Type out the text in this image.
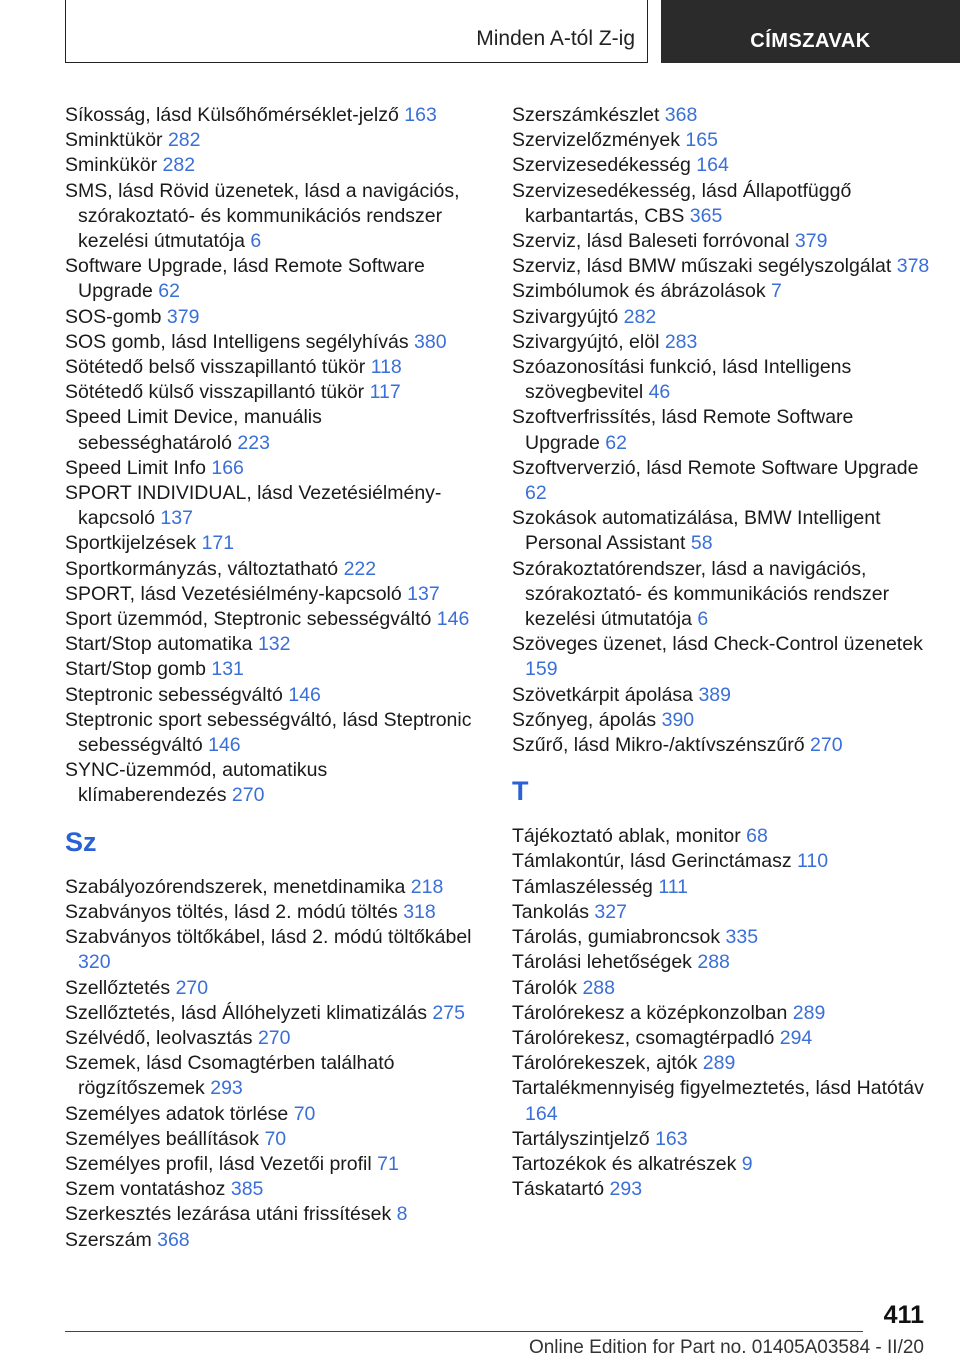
Minden A-tól Z-ig	CÍMSZAVAK
Síkosság, lásd Külsőhőmérséklet-jelző 163
Sminktükör 282
Sminkükör 282
SMS, lásd Rövid üzenetek, lásd a navigációs, szórakoztató- és kommunikációs rendszer kezelési útmutatója 6
Software Upgrade, lásd Remote Software Upgrade 62
SOS-gomb 379
SOS gomb, lásd Intelligens segélyhívás 380
Sötétedő belső visszapillantó tükör 118
Sötétedő külső visszapillantó tükör 117
Speed Limit Device, manuális sebességhatároló 223
Speed Limit Info 166
SPORT INDIVIDUAL, lásd Vezetésiélmény-kapcsoló 137
Sportkijelzések 171
Sportkormányzás, változtatható 222
SPORT, lásd Vezetésiélmény-kapcsoló 137
Sport üzemmód, Steptronic sebességváltó 146
Start/Stop automatika 132
Start/Stop gomb 131
Steptronic sebességváltó 146
Steptronic sport sebességváltó, lásd Steptronic sebességváltó 146
SYNC-üzemmód, automatikus klímaberendezés 270
Sz
Szabályozórendszerek, menetdinamika 218
Szabványos töltés, lásd 2. módú töltés 318
Szabványos töltőkábel, lásd 2. módú töltőkábel 320
Szellőztetés 270
Szellőztetés, lásd Állóhelyzeti klimatizálás 275
Szélvédő, leolvasztás 270
Szemek, lásd Csomagtérben található rögzítőszemek 293
Személyes adatok törlése 70
Személyes beállítások 70
Személyes profil, lásd Vezetői profil 71
Szem vontatáshoz 385
Szerkesztés lezárása utáni frissítések 8
Szerszám 368
Szerszámkészlet 368
Szervizelőzmények 165
Szervizesedékesség 164
Szervizesedékesség, lásd Állapotfüggő karbantartás, CBS 365
Szerviz, lásd Baleseti forróvonal 379
Szerviz, lásd BMW műszaki segélyszolgálat 378
Szimbólumok és ábrázolások 7
Szivargyújtó 282
Szivargyújtó, elöl 283
Szóazonosítási funkció, lásd Intelligens szövegbevitel 46
Szoftverfrissítés, lásd Remote Software Upgrade 62
Szoftververzió, lásd Remote Software Upgrade 62
Szokások automatizálása, BMW Intelligent Personal Assistant 58
Szórakoztatórendszer, lásd a navigációs, szórakoztató- és kommunikációs rendszer kezelési útmutatója 6
Szöveges üzenet, lásd Check-Control üzenetek 159
Szövetkárpit ápolása 389
Szőnyeg, ápolás 390
Szűrő, lásd Mikro-/aktívszénszűrő 270
T
Tájékoztató ablak, monitor 68
Támlakontúr, lásd Gerinctámasz 110
Támlaszélesség 111
Tankolás 327
Tárolás, gumiabroncsok 335
Tárolási lehetőségek 288
Tárolók 288
Tárolórekesz a középkonzolban 289
Tárolórekesz, csomagtérpadló 294
Tárolórekeszek, ajtók 289
Tartalékmennyiség figyelmeztetés, lásd Hatótáv 164
Tartályszintjelző 163
Tartozékok és alkatrészek 9
Táskatartó 293
411
Online Edition for Part no. 01405A03584 - II/20
